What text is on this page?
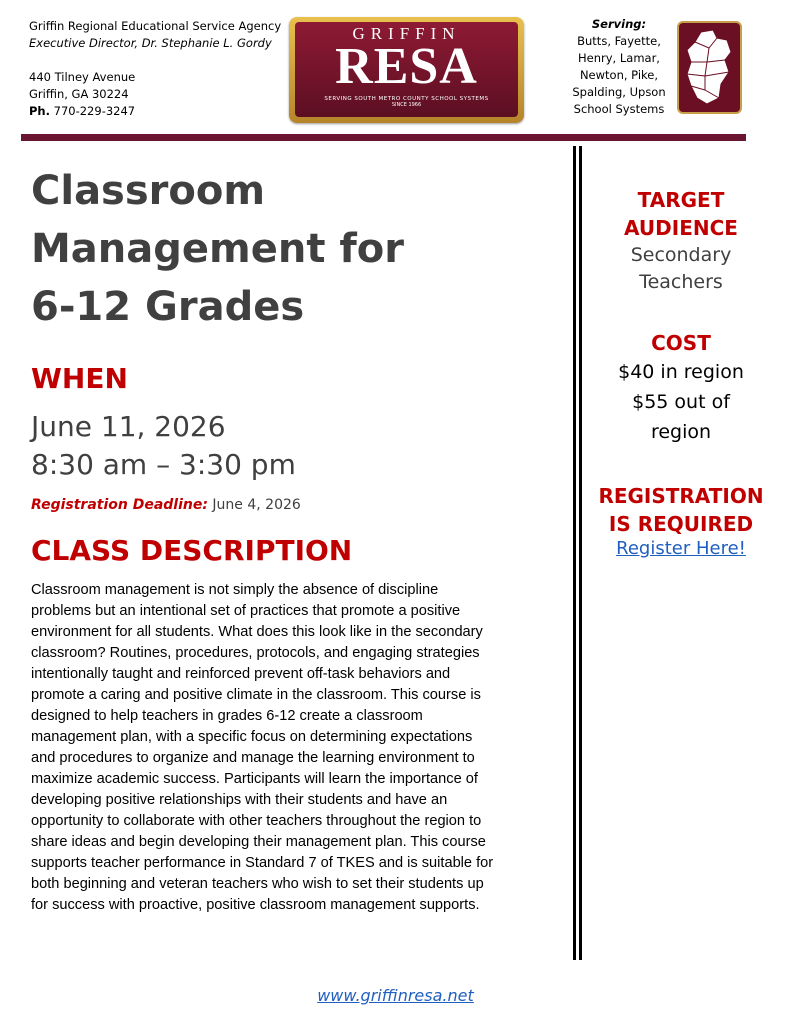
Griffin Regional Educational Service Agency
Executive Director, Dr. Stephanie L. Gordy
440 Tilney Avenue
Griffin, GA 30224
Ph. 770-229-3247
GRIFFIN
RESA
SERVING SOUTH METRO COUNTY SCHOOL SYSTEMS
SINCE 1966
Serving:
Butts, Fayette,
Henry, Lamar,
Newton, Pike,
Spalding, Upson
School Systems
Classroom
Management for
6-12 Grades
WHEN
June 11, 2026
8:30 am – 3:30 pm
Registration Deadline: June 4, 2026
CLASS DESCRIPTION
Classroom management is not simply the absence of discipline
problems but an intentional set of practices that promote a positive
environment for all students. What does this look like in the secondary
classroom? Routines, procedures, protocols, and engaging strategies
intentionally taught and reinforced prevent off-task behaviors and
promote a caring and positive climate in the classroom. This course is
designed to help teachers in grades 6-12 create a classroom
management plan, with a specific focus on determining expectations
and procedures to organize and manage the learning environment to
maximize academic success. Participants will learn the importance of
developing positive relationships with their students and have an
opportunity to collaborate with other teachers throughout the region to
share ideas and begin developing their management plan. This course
supports teacher performance in Standard 7 of TKES and is suitable for
both beginning and veteran teachers who wish to set their students up
for success with proactive, positive classroom management supports.
TARGET
AUDIENCE
Secondary
Teachers
COST
$40 in region
$55 out of
region
REGISTRATION
IS REQUIRED
Register Here!
www.griffinresa.net
